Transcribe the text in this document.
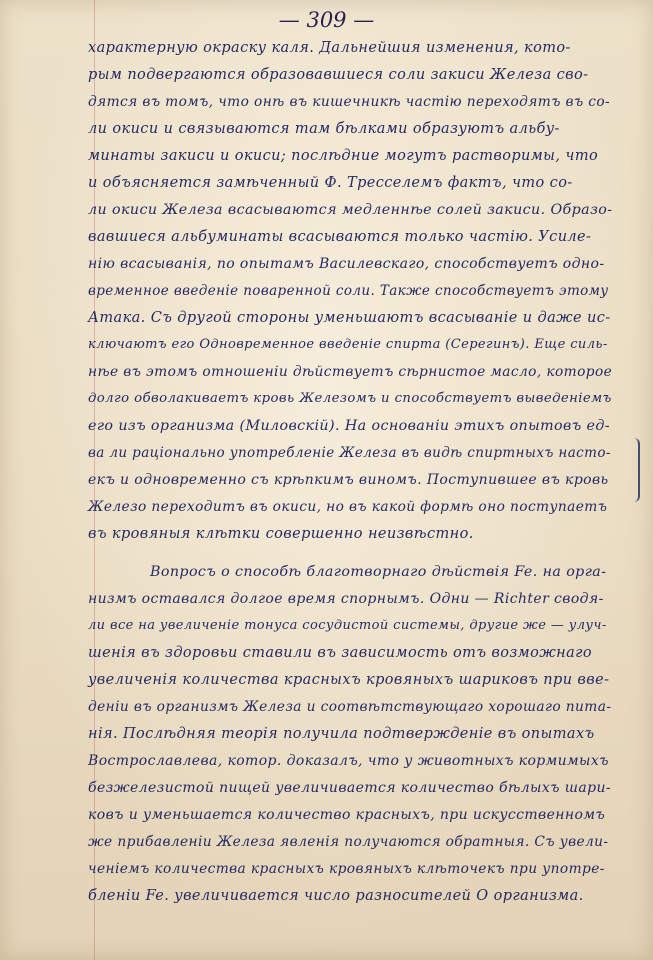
— 309 —
характерную окраску каля. Дальнейшия изменения, кото-
рым подвергаются образовавшиеся соли закиси Железа сво-
дятся въ томъ, что онѣ въ кишечникѣ частію переходятъ въ со-
ли окиси и связываются там бѣлками образуютъ альбу-
минаты закиси и окиси; послѣдние могутъ растворимы, что
и объясняется замѣченный Ф. Тресселемъ фактъ, что со-
ли окиси Железа всасываются медленнѣе солей закиси. Образо-
вавшиеся альбуминаты всасываются только частію. Усиле-
нію всасыванія, по опытамъ Василевскаго, способствуетъ одно-
временное введеніе поваренной соли. Также способствуетъ этому
Атака. Съ другой стороны уменьшаютъ всасываніе и даже ис-
ключаютъ его Одновременное введеніе спирта (Серегинъ). Еще силь-
нѣе въ этомъ отношеніи дѣйствуетъ сѣрнистое масло, которое
долго обволакиваетъ кровь Железомъ и способствуетъ выведеніемъ
его изъ организма (Миловскій). На основаніи этихъ опытовъ ед-
ва ли раціонально употребленіе Железа въ видѣ спиртныхъ насто-
екъ и одновременно съ крѣпкимъ виномъ. Поступившее въ кровь
Железо переходитъ въ окиси, но въ какой формѣ оно поступаетъ
въ кровяныя клѣтки совершенно неизвѣстно.
Вопросъ о способѣ благотворнаго дѣйствія Fe. на орга-
низмъ оставался долгое время спорнымъ. Одни — Richter сводя-
ли все на увеличеніе тонуса сосудистой системы, другие же — улуч-
шенія въ здоровьи ставили въ зависимость отъ возможнаго
увеличенія количества красныхъ кровяныхъ шариковъ при вве-
деніи въ организмъ Железа и соотвѣтствующаго хорошаго пита-
нія. Послѣдняя теорія получила подтвержденіе въ опытахъ
Вострославлева, котор. доказалъ, что у животныхъ кормимыхъ
безжелезистой пищей увеличивается количество бѣлыхъ шари-
ковъ и уменьшается количество красныхъ, при искусственномъ
же прибавленіи Железа явленія получаются обратныя. Съ увели-
ченіемъ количества красныхъ кровяныхъ клѣточекъ при употре-
бленіи Fe. увеличивается число разносителей O организма.
